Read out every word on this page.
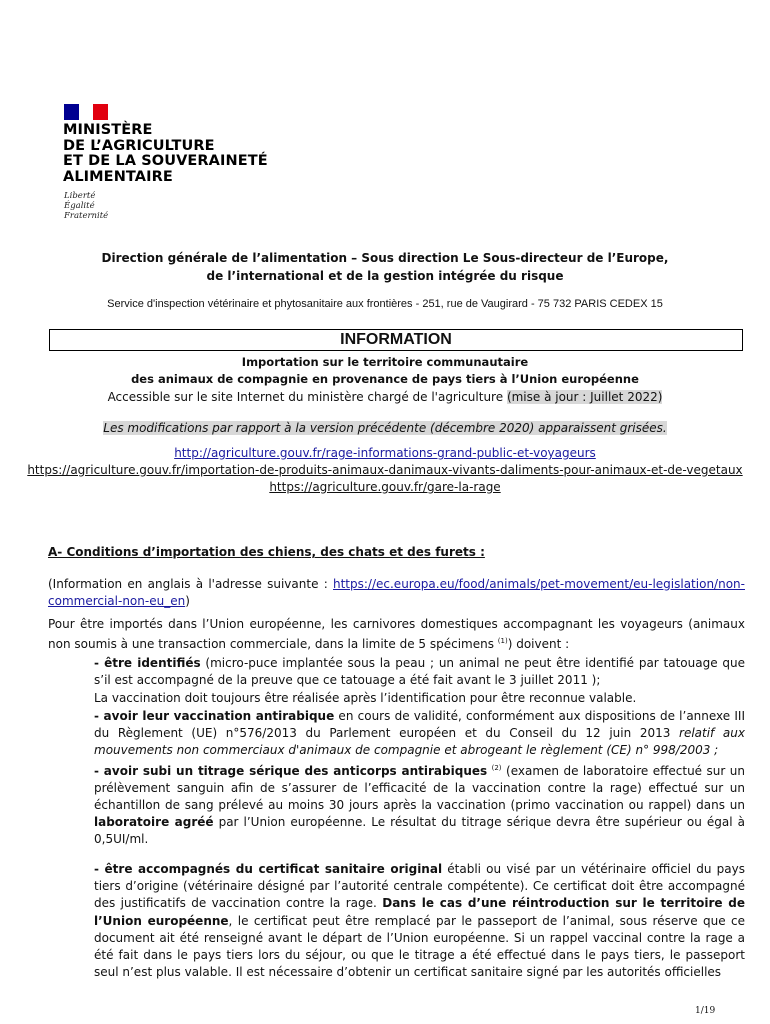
MINISTÈRE
DE L’AGRICULTURE
ET DE LA SOUVERAINETÉ
ALIMENTAIRE
Liberté
Égalité
Fraternité
Direction générale de l’alimentation – Sous direction Le Sous-directeur de l’Europe,
de l’international et de la gestion intégrée du risque
Service d'inspection vétérinaire et phytosanitaire aux frontières - 251, rue de Vaugirard - 75 732 PARIS CEDEX 15
INFORMATION
Importation sur le territoire communautaire
des animaux de compagnie en provenance de pays tiers à l’Union européenne
Accessible sur le site Internet du ministère chargé de l'agriculture (mise à jour : Juillet 2022)
Les modifications par rapport à la version précédente (décembre 2020) apparaissent grisées.
http://agriculture.gouv.fr/rage-informations-grand-public-et-voyageurs
https://agriculture.gouv.fr/importation-de-produits-animaux-danimaux-vivants-daliments-pour-animaux-et-de-vegetaux
https://agriculture.gouv.fr/gare-la-rage
A- Conditions d’importation des chiens, des chats et des furets :
(Information en anglais à l'adresse suivante : https://ec.europa.eu/food/animals/pet-movement/eu-legislation/non-commercial-non-eu_en)
Pour être importés dans l’Union européenne, les carnivores domestiques accompagnant les voyageurs (animaux non soumis à une transaction commerciale, dans la limite de 5 spécimens $^{(1)}$) doivent :
- être identifiés (micro-puce implantée sous la peau ; un animal ne peut être identifié par tatouage que s’il est accompagné de la preuve que ce tatouage a été fait avant le 3 juillet 2011 );
La vaccination doit toujours être réalisée après l’identification pour être reconnue valable.
- avoir leur vaccination antirabique en cours de validité, conformément aux dispositions de l’annexe III du Règlement (UE) n°576/2013 du Parlement européen et du Conseil du 12 juin 2013 relatif aux mouvements non commerciaux d'animaux de compagnie et abrogeant le règlement (CE) n° 998/2003 ;
- avoir subi un titrage sérique des anticorps antirabiques $^{(2)}$ (examen de laboratoire effectué sur un prélèvement sanguin afin de s’assurer de l’efficacité de la vaccination contre la rage) effectué sur un échantillon de sang prélevé au moins 30 jours après la vaccination (primo vaccination ou rappel) dans un laboratoire agréé par l’Union européenne. Le résultat du titrage sérique devra être supérieur ou égal à 0,5UI/ml.
- être accompagnés du certificat sanitaire original établi ou visé par un vétérinaire officiel du pays tiers d’origine (vétérinaire désigné par l’autorité centrale compétente). Ce certificat doit être accompagné des justificatifs de vaccination contre la rage. Dans le cas d’une réintroduction sur le territoire de l’Union européenne, le certificat peut être remplacé par le passeport de l’animal, sous réserve que ce document ait été renseigné avant le départ de l’Union européenne. Si un rappel vaccinal contre la rage a été fait dans le pays tiers lors du séjour, ou que le titrage a été effectué dans le pays tiers, le passeport seul n’est plus valable. Il est nécessaire d’obtenir un certificat sanitaire signé par les autorités officielles
1/19
